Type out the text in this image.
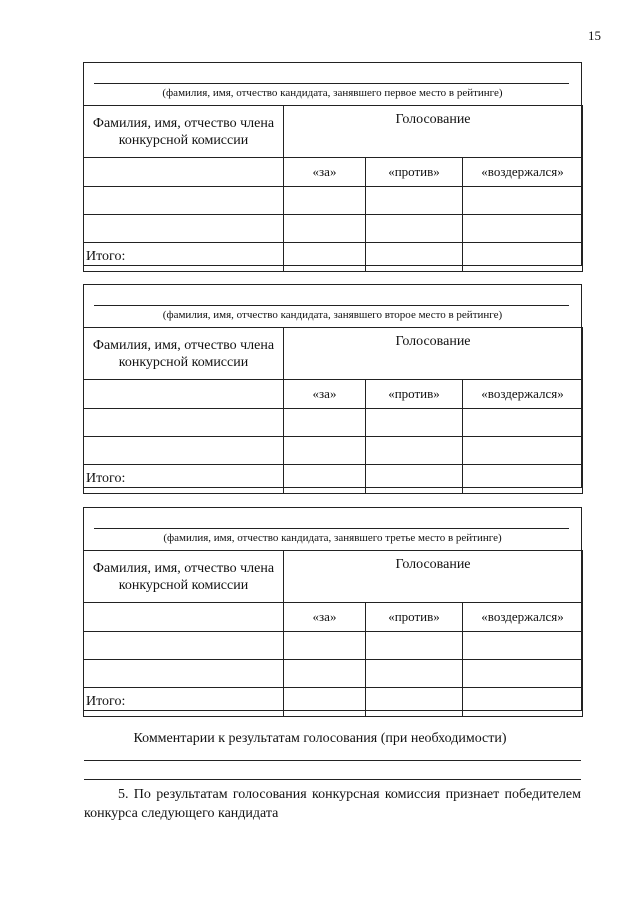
15
(фамилия, имя, отчество кандидата, занявшего первое место в рейтинге)
Фамилия, имя, отчество члена конкурсной комиссии	Голосование		
	«за»	«против»	«воздержался»

Итого:			
(фамилия, имя, отчество кандидата, занявшего второе место в рейтинге)
Фамилия, имя, отчество члена конкурсной комиссии	Голосование		
	«за»	«против»	«воздержался»

Итого:			
(фамилия, имя, отчество кандидата, занявшего третье место в рейтинге)
Фамилия, имя, отчество члена конкурсной комиссии	Голосование		
	«за»	«против»	«воздержался»

Итого:			
Комментарии к результатам голосования (при необходимости)
5. По результатам голосования конкурсная комиссия признает победителем конкурса следующего кандидата
